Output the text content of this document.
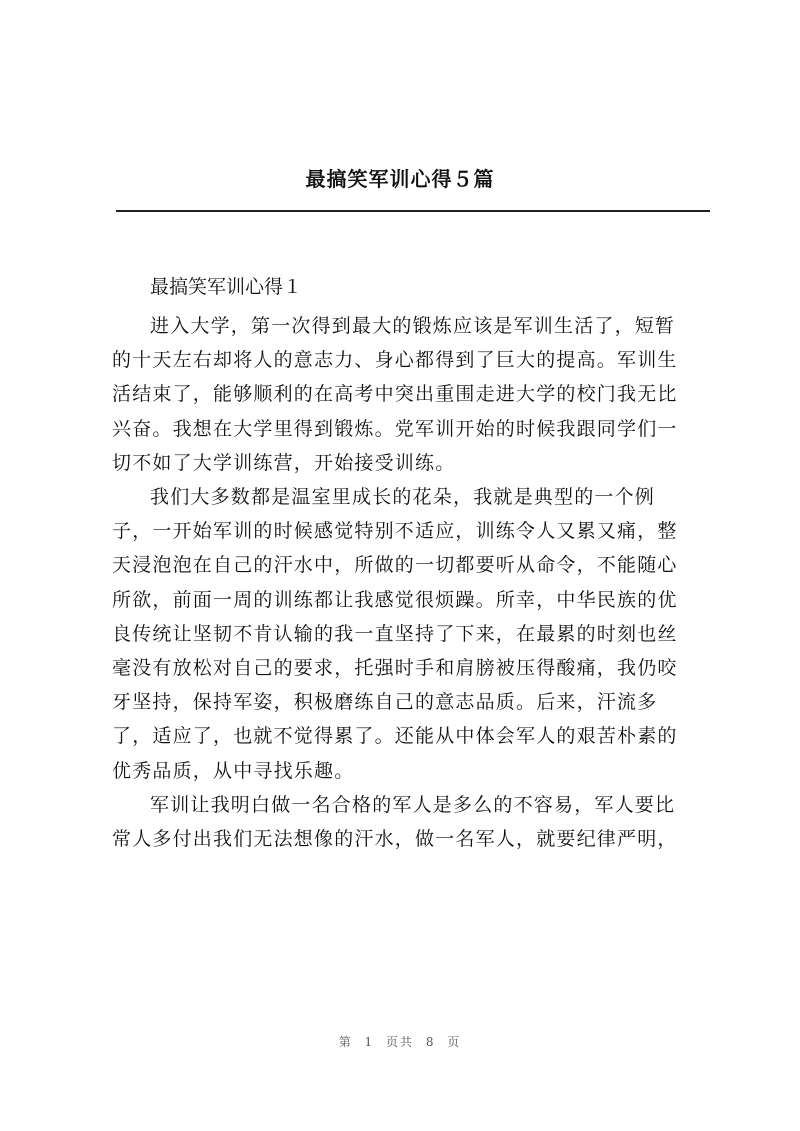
最搞笑军训心得５篇
最搞笑军训心得１
进入大学，第一次得到最大的锻炼应该是军训生活了，短暂
的十天左右却将人的意志力、身心都得到了巨大的提高。军训生
活结束了，能够顺利的在高考中突出重围走进大学的校门我无比
兴奋。我想在大学里得到锻炼。党军训开始的时候我跟同学们一
切不如了大学训练营，开始接受训练。
我们大多数都是温室里成长的花朵，我就是典型的一个例
子，一开始军训的时候感觉特别不适应，训练令人又累又痛，整
天浸泡泡在自己的汗水中，所做的一切都要听从命令，不能随心
所欲，前面一周的训练都让我感觉很烦躁。所幸，中华民族的优
良传统让坚韧不肯认输的我一直坚持了下来，在最累的时刻也丝
毫没有放松对自己的要求，托强时手和肩膀被压得酸痛，我仍咬
牙坚持，保持军姿，积极磨练自己的意志品质。后来，汗流多
了，适应了，也就不觉得累了。还能从中体会军人的艰苦朴素的
优秀品质，从中寻找乐趣。
军训让我明白做一名合格的军人是多么的不容易，军人要比
常人多付出我们无法想像的汗水，做一名军人，就要纪律严明，
第 1 页共 8 页
